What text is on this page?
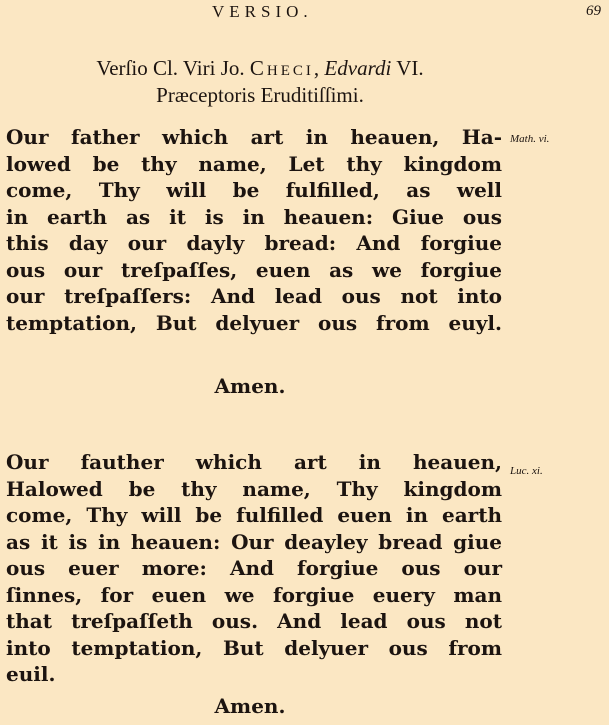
VERSIO.	69
Verſio Cl. Viri Jo. Checi, Edvardi VI.
Præceptoris Eruditiſſimi.
Our father which art in heauen, Ha-
lowed be thy name, Let thy kingdom
come, Thy will be fulfilled, as well
in earth as it is in heauen: Giue ous
this day our dayly bread: And forgiue
ous our treſpaſſes, euen as we forgiue
our treſpaſſers: And lead ous not into
temptation, But delyuer ous from euyl.
Math. vi.
Amen.
Our fauther which art in heauen,
Halowed be thy name, Thy kingdom
come, Thy will be fulfilled euen in earth
as it is in heauen: Our deayley bread giue
ous euer more: And forgiue ous our
ſinnes, for euen we forgiue euery man
that treſpaſſeth ous. And lead ous not
into temptation, But delyuer ous from
euil.
Luc. xi.
Amen.
